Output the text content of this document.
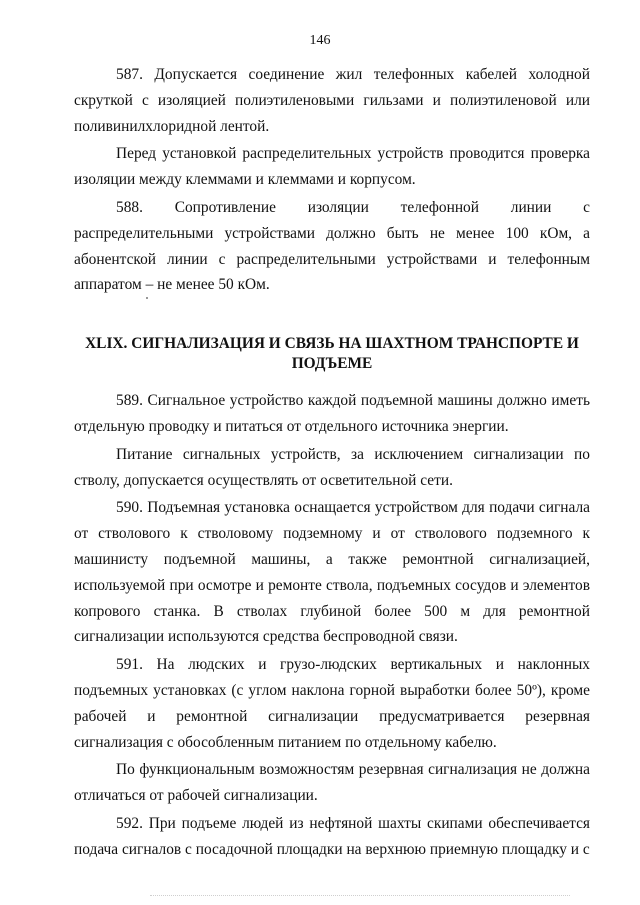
146

587. Допускается соединение жил телефонных кабелей холодной скруткой с изоляцией полиэтиленовыми гильзами и полиэтиленовой или поливинилхлоридной лентой.

Перед установкой распределительных устройств проводится проверка изоляции между клеммами и клеммами и корпусом.

588. Сопротивление изоляции телефонной линии с распределительными устройствами должно быть не менее 100 кОм, а абонентской линии с распределительными устройствами и телефонным аппаратом – не менее 50 кОм.

XLIX. СИГНАЛИЗАЦИЯ И СВЯЗЬ НА ШАХТНОМ ТРАНСПОРТЕ И ПОДЪЕМЕ

589. Сигнальное устройство каждой подъемной машины должно иметь отдельную проводку и питаться от отдельного источника энергии.

Питание сигнальных устройств, за исключением сигнализации по стволу, допускается осуществлять от осветительной сети.

590. Подъемная установка оснащается устройством для подачи сигнала от стволового к стволовому подземному и от стволового подземного к машинисту подъемной машины, а также ремонтной сигнализацией, используемой при осмотре и ремонте ствола, подъемных сосудов и элементов копрового станка. В стволах глубиной более 500 м для ремонтной сигнализации используются средства беспроводной связи.

591. На людских и грузо-людских вертикальных и наклонных подъемных установках (с углом наклона горной выработки более 50º), кроме рабочей и ремонтной сигнализации предусматривается резервная сигнализация с обособленным питанием по отдельному кабелю.

По функциональным возможностям резервная сигнализация не должна отличаться от рабочей сигнализации.

592. При подъеме людей из нефтяной шахты скипами обеспечивается подача сигналов с посадочной площадки на верхнюю приемную площадку и с
